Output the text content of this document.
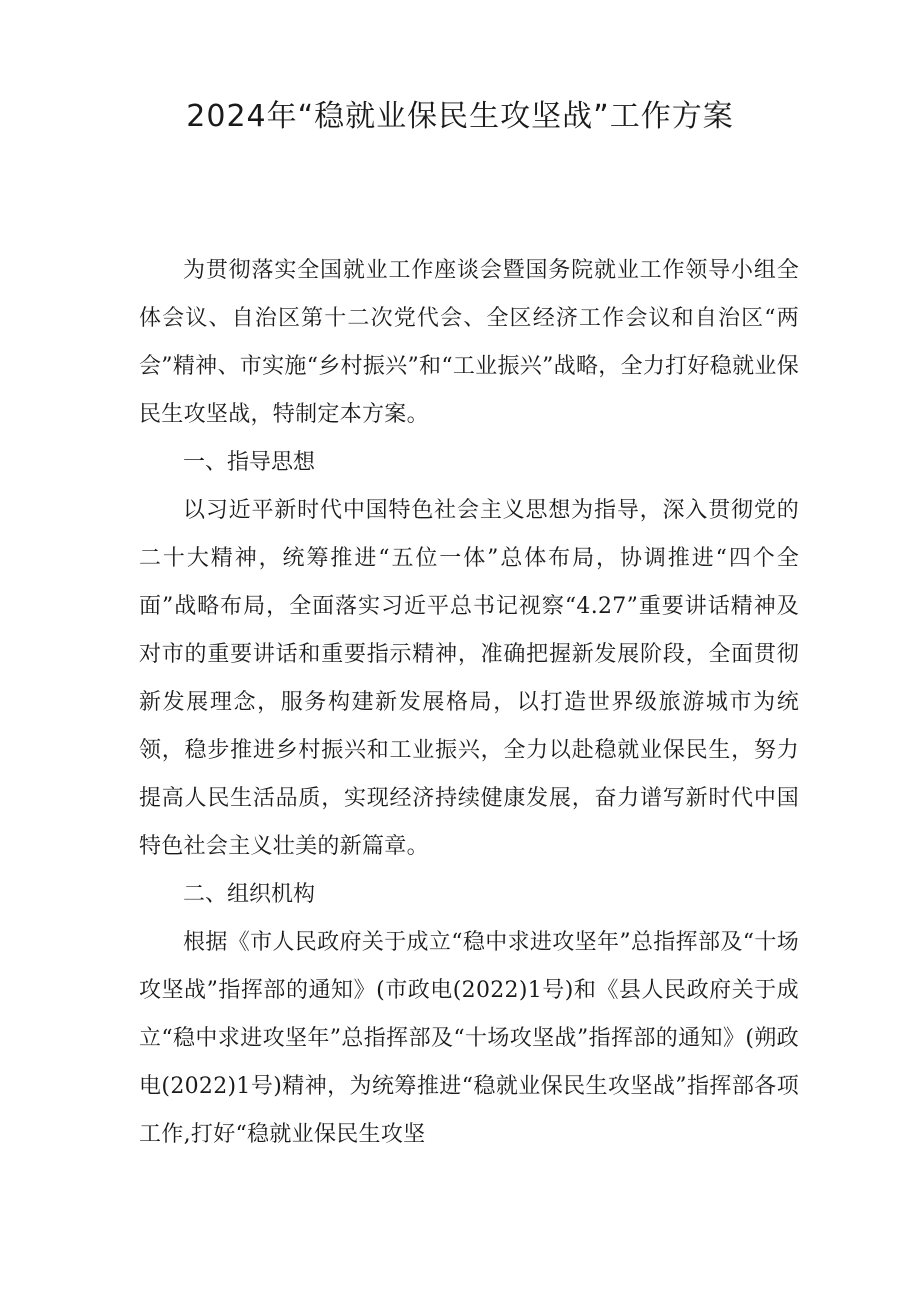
2024年“稳就业保民生攻坚战”工作方案

为贯彻落实全国就业工作座谈会暨国务院就业工作领导小组全体会议、自治区第十二次党代会、全区经济工作会议和自治区“两会”精神、市实施“乡村振兴”和“工业振兴”战略，全力打好稳就业保民生攻坚战，特制定本方案。

一、指导思想

以习近平新时代中国特色社会主义思想为指导，深入贯彻党的二十大精神，统筹推进“五位一体”总体布局，协调推进“四个全面”战略布局，全面落实习近平总书记视察“4.27”重要讲话精神及对市的重要讲话和重要指示精神，准确把握新发展阶段，全面贯彻新发展理念，服务构建新发展格局，以打造世界级旅游城市为统领，稳步推进乡村振兴和工业振兴，全力以赴稳就业保民生，努力提高人民生活品质，实现经济持续健康发展，奋力谱写新时代中国特色社会主义壮美的新篇章。

二、组织机构

根据《市人民政府关于成立“稳中求进攻坚年”总指挥部及“十场攻坚战”指挥部的通知》(市政电(2022)1号)和《县人民政府关于成立“稳中求进攻坚年”总指挥部及“十场攻坚战”指挥部的通知》(朔政电(2022)1号)精神，为统筹推进“稳就业保民生攻坚战”指挥部各项工作,打好“稳就业保民生攻坚
